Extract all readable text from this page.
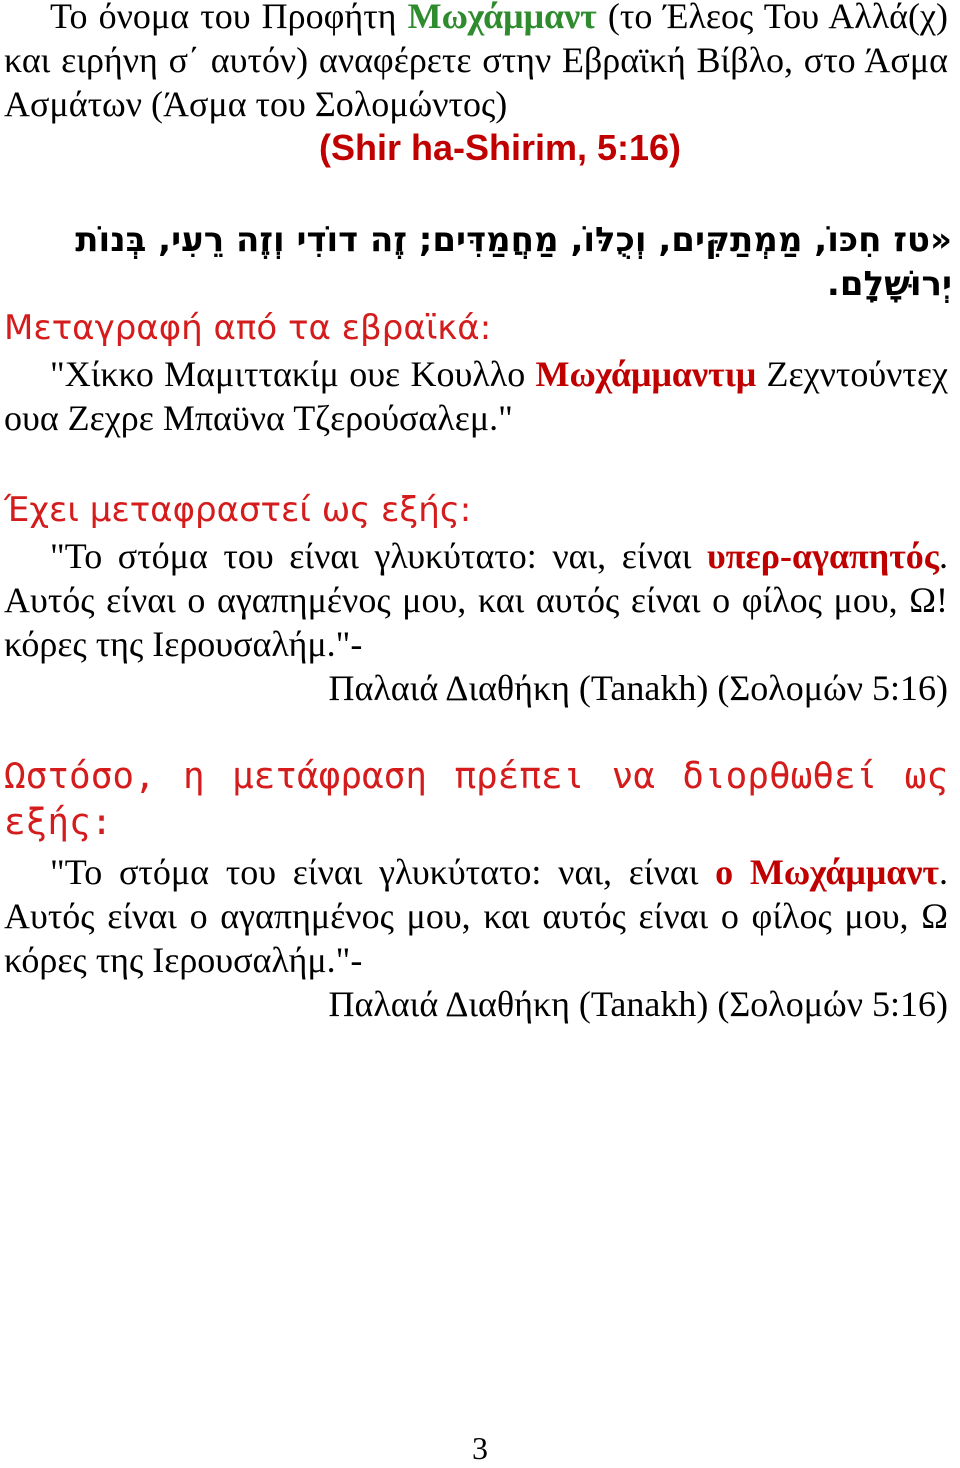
Το όνομα του Προφήτη Μωχάμμαντ (το Έλεος Του Αλλά(χ) και ειρήνη σ΄ αυτόν) αναφέρετε στην Εβραϊκή Βίβλο, στο Άσμα Ασμάτων (Άσμα του Σολομώντος)

(Shir ha-Shirim, 5:16)
«טז חִכּוֹ, מַמְתַקִּים, וְכֻלּוֹ, מַחֲמַדִּים; זֶה דוֹדִי וְזֶה רֵעִי, בְּנוֹת יְרוּשָׁלָ‍ִם.
Μεταγραφή από τα εβραϊκά:

"Χίκκο Μαμιττακίμ ουε Κουλλο Μωχάμμαντιμ Ζεχντούντεχ ουα Ζεχρε Μπαϋνα Τζερούσαλεμ."

Έχει μεταφραστεί ως εξής:

"Το στόμα του είναι γλυκύτατο: ναι, είναι υπερ-αγαπητός. Αυτός είναι ο αγαπημένος μου, και αυτός είναι ο φίλος μου, Ω! κόρες της Ιερουσαλήμ."-

Παλαιά Διαθήκη (Tanakh) (Σολομών 5:16)

Ωστόσο, η μετάφραση πρέπει να διορθωθεί ως εξής:

"Το στόμα του είναι γλυκύτατο: ναι, είναι ο Μωχάμμαντ. Αυτός είναι ο αγαπημένος μου, και αυτός είναι ο φίλος μου, Ω κόρες της Ιερουσαλήμ."-

Παλαιά Διαθήκη (Tanakh) (Σολομών 5:16)
3
